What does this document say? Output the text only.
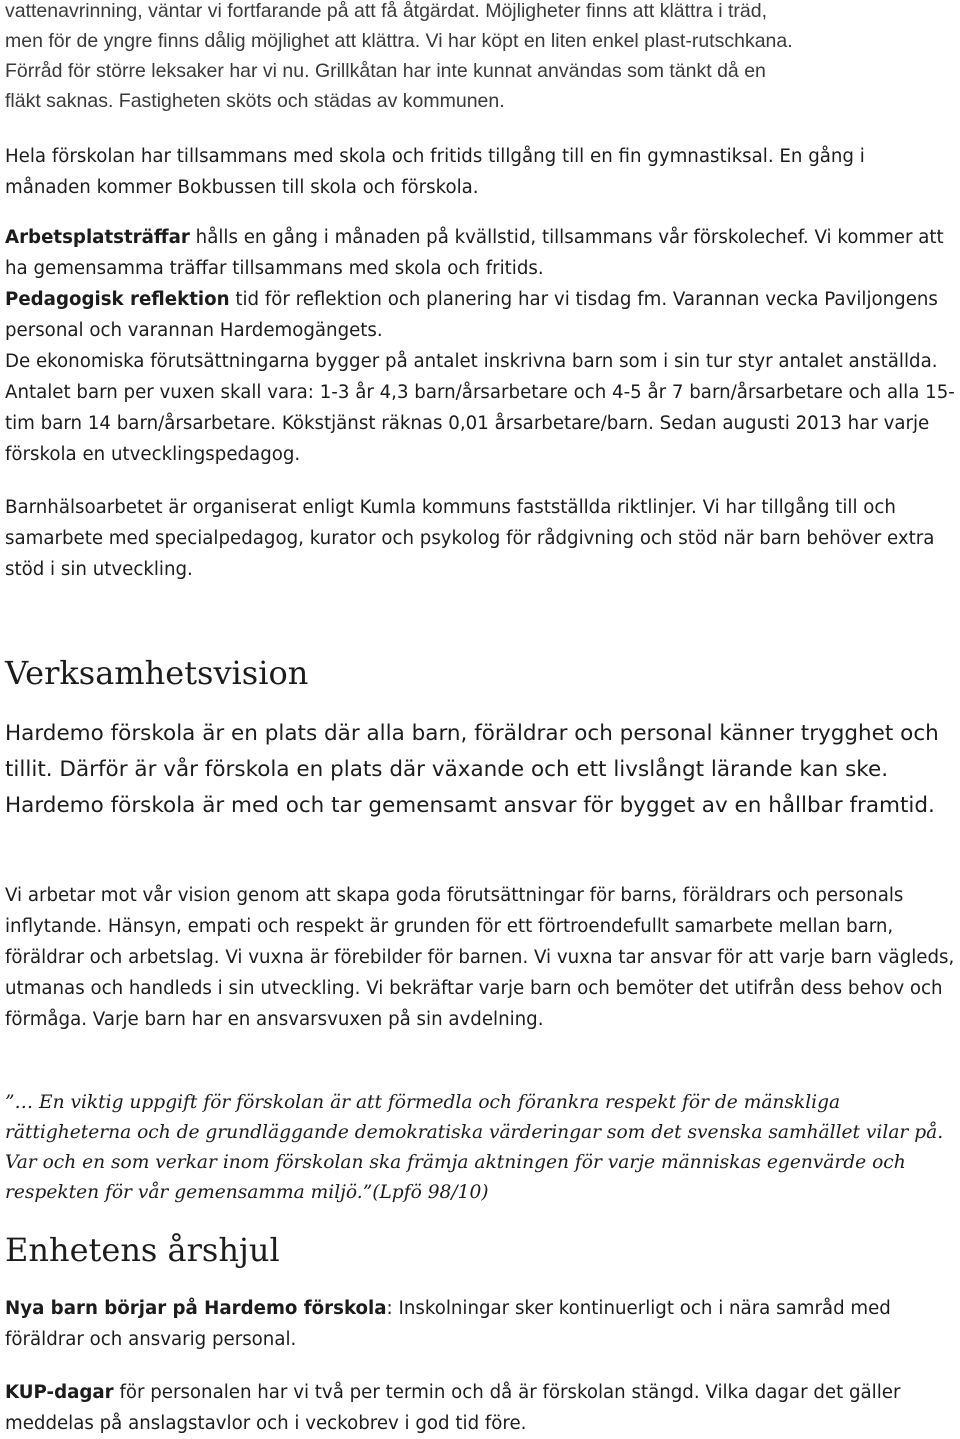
vattenavrinning, väntar vi fortfarande på att få åtgärdat. Möjligheter finns att klättra i träd,

men för de yngre finns dålig möjlighet att klättra. Vi har köpt en liten enkel plast-rutschkana.

Förråd för större leksaker har vi nu. Grillkåtan har inte kunnat användas som tänkt då en

fläkt saknas. Fastigheten sköts och städas av kommunen.

Hela förskolan har tillsammans med skola och fritids tillgång till en fin gymnastiksal. En gång i

månaden kommer Bokbussen till skola och förskola.

Arbetsplatsträffar hålls en gång i månaden på kvällstid, tillsammans vår förskolechef. Vi kommer att ha gemensamma träffar tillsammans med skola och fritids.

Pedagogisk reflektion tid för reflektion och planering har vi tisdag fm. Varannan vecka Paviljongens personal och varannan Hardemogängets.

De ekonomiska förutsättningarna bygger på antalet inskrivna barn som i sin tur styr antalet anställda. Antalet barn per vuxen skall vara: 1-3 år 4,3 barn/årsarbetare och 4-5 år 7 barn/årsarbetare och alla 15-tim barn 14 barn/årsarbetare. Kökstjänst räknas 0,01 årsarbetare/barn. Sedan augusti 2013 har varje förskola en utvecklingspedagog.

Barnhälsoarbetet är organiserat enligt Kumla kommuns fastställda riktlinjer. Vi har tillgång till och samarbete med specialpedagog, kurator och psykolog för rådgivning och stöd när barn behöver extra stöd i sin utveckling.

Verksamhetsvision

Hardemo förskola är en plats där alla barn, föräldrar och personal känner trygghet och tillit. Därför är vår förskola en plats där växande och ett livslångt lärande kan ske. Hardemo förskola är med och tar gemensamt ansvar för bygget av en hållbar framtid.

Vi arbetar mot vår vision genom att skapa goda förutsättningar för barns, föräldrars och personals inflytande. Hänsyn, empati och respekt är grunden för ett förtroendefullt samarbete mellan barn, föräldrar och arbetslag. Vi vuxna är förebilder för barnen. Vi vuxna tar ansvar för att varje barn vägleds, utmanas och handleds i sin utveckling. Vi bekräftar varje barn och bemöter det utifrån dess behov och förmåga. Varje barn har en ansvarsvuxen på sin avdelning.

”… En viktig uppgift för förskolan är att förmedla och förankra respekt för de mänskliga rättigheterna och de grundläggande demokratiska värderingar som det svenska samhället vilar på. Var och en som verkar inom förskolan ska främja aktningen för varje människas egenvärde och respekten för vår gemensamma miljö.”(Lpfö 98/10)

Enhetens årshjul

Nya barn börjar på Hardemo förskola: Inskolningar sker kontinuerligt och i nära samråd med föräldrar och ansvarig personal.

KUP-dagar för personalen har vi två per termin och då är förskolan stängd. Vilka dagar det gäller meddelas på anslagstavlor och i veckobrev i god tid före.
